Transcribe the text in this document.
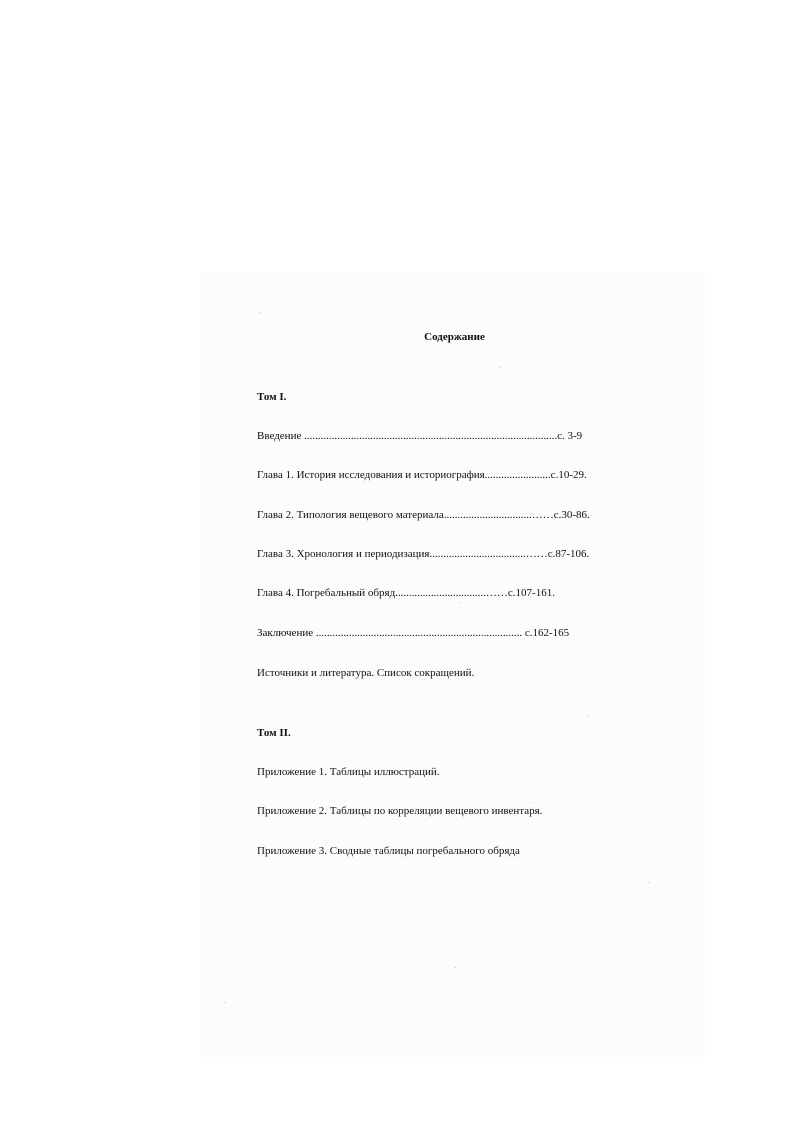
Содержание
Том I.
Введение ............................................................................................с. 3-9
Глава 1. История исследования и историография........................с.10-29.
Глава 2. Типология вещевого материала................................……с.30-86.
Глава 3. Хронология и периодизация...................................……с.87-106.
Глава 4. Погребальный обряд.................................……с.107-161.
Заключение ........................................................................... с.162-165
Источники и литература. Список сокращений.
Том II.
Приложение 1. Таблицы иллюстраций.
Приложение 2. Таблицы по корреляции вещевого инвентаря.
Приложение 3. Сводные таблицы погребального обряда
